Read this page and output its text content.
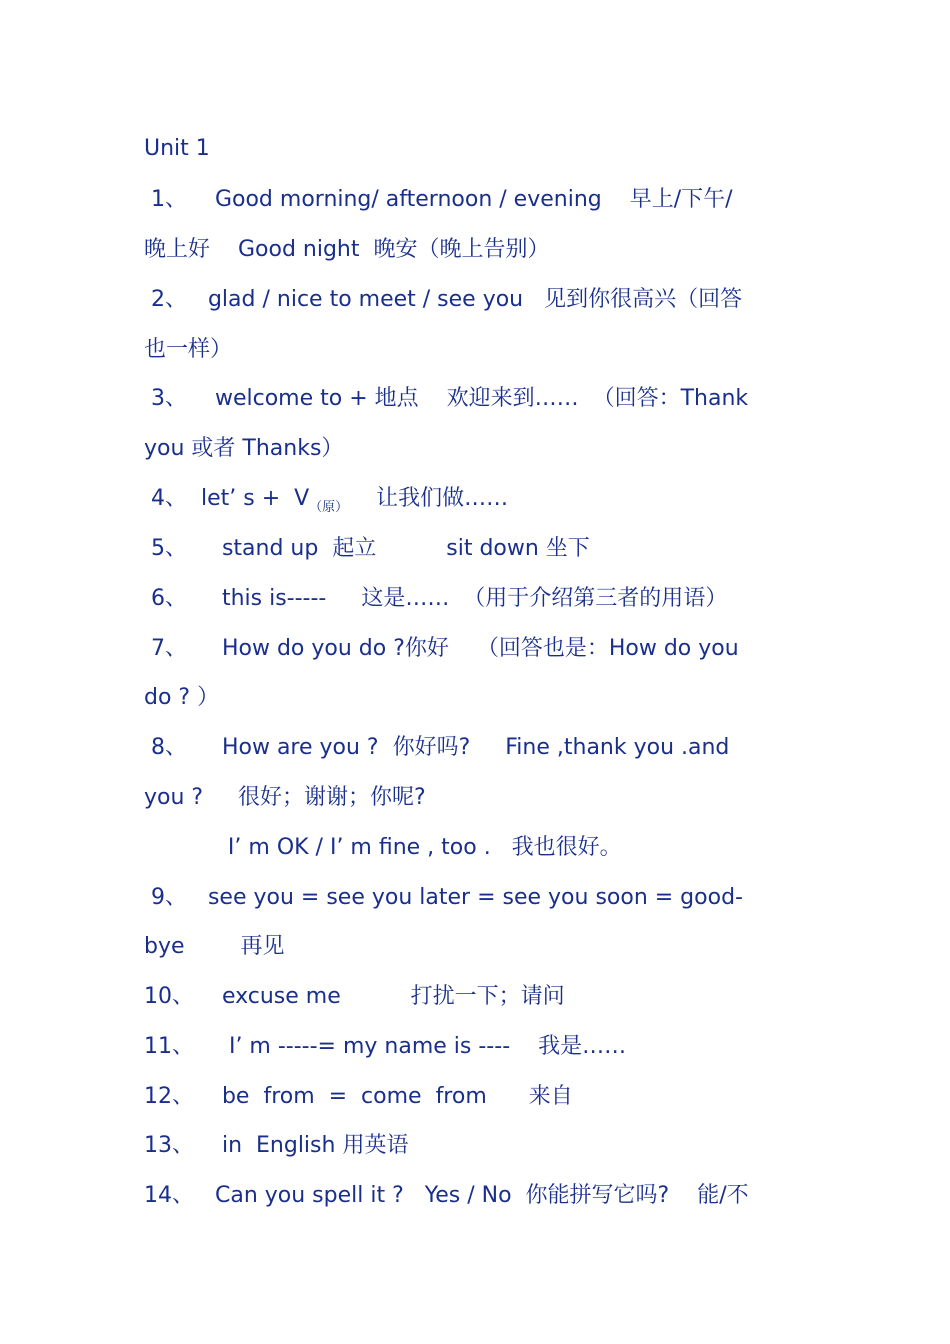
Unit 1
1、    Good morning/ afternoon / evening    早上/下午/
晚上好    Good night  晚安（晚上告别）
2、   glad / nice to meet / see you   见到你很高兴（回答
也一样）
3、    welcome to + 地点    欢迎来到……  （回答：Thank
you 或者 Thanks）
4、  let’ $s + V_{(原)}$    让我们做……
5、     stand up  起立          sit down 坐下
6、     this is-----     这是……  （用于介绍第三者的用语）
7、     How do you do ?你好    （回答也是：How do you
do ? ）
8、     How are you ?  你好吗?     Fine ,thank you .and
you ?     很好；谢谢；你呢?
I’ m OK / I’ m fine , too .   我也很好。
9、   see you = see you later = see you soon = good-
bye        再见
10、    excuse me          打扰一下；请问
11、     I’ m -----= my name is ----    我是……
12、    be  from  =  come  from      来自
13、    in  English 用英语
14、   Can you spell it ?   Yes / No  你能拼写它吗?    能/不
